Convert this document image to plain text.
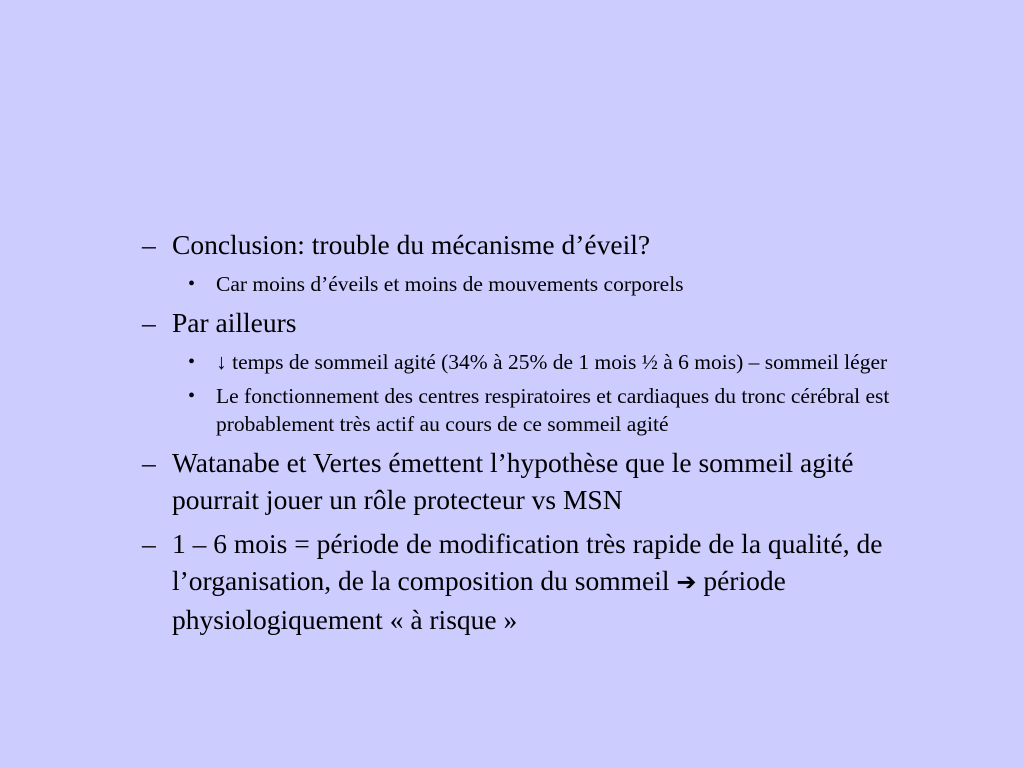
– Conclusion: trouble du mécanisme d’éveil?
• Car moins d’éveils et moins de mouvements corporels
– Par ailleurs
• ↓ temps de sommeil agité (34% à 25% de 1 mois ½ à 6 mois) – sommeil léger
• Le fonctionnement des centres respiratoires et cardiaques du tronc cérébral est probablement très actif au cours de ce sommeil agité
– Watanabe et Vertes émettent l’hypothèse que le sommeil agité pourrait jouer un rôle protecteur vs MSN
– 1 – 6 mois = période de modification très rapide de la qualité, de l’organisation, de la composition du sommeil ➔ période physiologiquement « à risque »
